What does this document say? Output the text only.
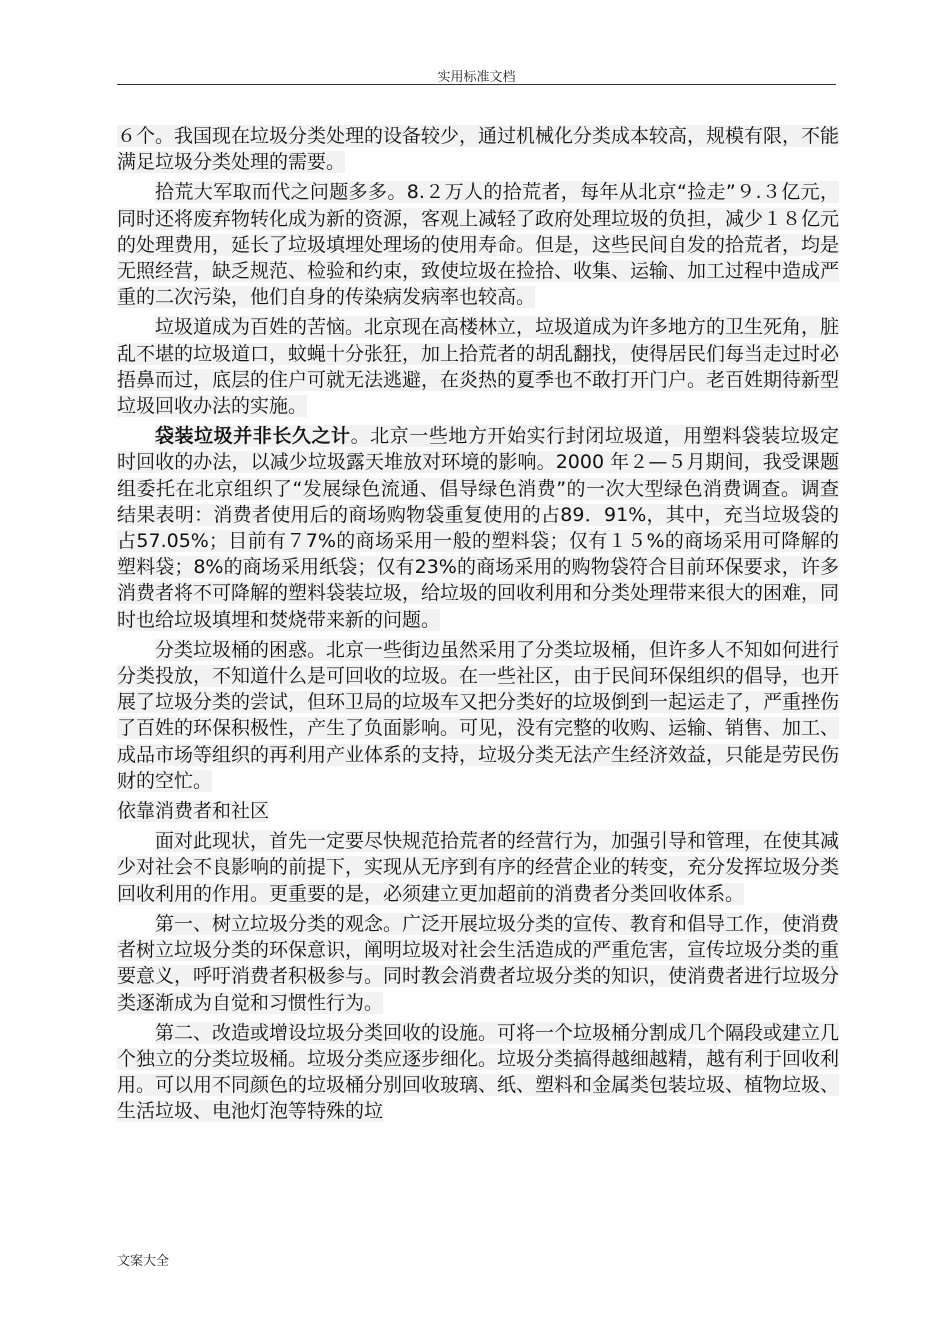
实用标准文档

６个。我国现在垃圾分类处理的设备较少，通过机械化分类成本较高，规模有限，不能满足垃圾分类处理的需要。

拾荒大军取而代之问题多多。8.２万人的拾荒者，每年从北京“捡走”９.３亿元，同时还将废弃物转化成为新的资源，客观上减轻了政府处理垃圾的负担，减少１８亿元的处理费用，延长了垃圾填埋处理场的使用寿命。但是，这些民间自发的拾荒者，均是无照经营，缺乏规范、检验和约束，致使垃圾在捡拾、收集、运输、加工过程中造成严重的二次污染，他们自身的传染病发病率也较高。

垃圾道成为百姓的苦恼。北京现在高楼林立，垃圾道成为许多地方的卫生死角，脏乱不堪的垃圾道口，蚊蝇十分张狂，加上拾荒者的胡乱翻找，使得居民们每当走过时必捂鼻而过，底层的住户可就无法逃避，在炎热的夏季也不敢打开门户。老百姓期待新型垃圾回收办法的实施。

袋装垃圾并非长久之计。北京一些地方开始实行封闭垃圾道，用塑料袋装垃圾定时回收的办法，以减少垃圾露天堆放对环境的影响。2000 年２—５月期间，我受课题组委托在北京组织了“发展绿色流通、倡导绿色消费”的一次大型绿色消费调查。调查结果表明：消费者使用后的商场购物袋重复使用的占89．91%，其中，充当垃圾袋的占57.05%；目前有７7%的商场采用一般的塑料袋；仅有１５%的商场采用可降解的塑料袋；8%的商场采用纸袋；仅有23%的商场采用的购物袋符合目前环保要求，许多消费者将不可降解的塑料袋装垃圾，给垃圾的回收利用和分类处理带来很大的困难，同时也给垃圾填埋和焚烧带来新的问题。

分类垃圾桶的困惑。北京一些街边虽然采用了分类垃圾桶，但许多人不知如何进行分类投放，不知道什么是可回收的垃圾。在一些社区，由于民间环保组织的倡导，也开展了垃圾分类的尝试，但环卫局的垃圾车又把分类好的垃圾倒到一起运走了，严重挫伤了百姓的环保积极性，产生了负面影响。可见，没有完整的收购、运输、销售、加工、成品市场等组织的再利用产业体系的支持，垃圾分类无法产生经济效益，只能是劳民伤财的空忙。

依靠消费者和社区

面对此现状，首先一定要尽快规范拾荒者的经营行为，加强引导和管理，在使其减少对社会不良影响的前提下，实现从无序到有序的经营企业的转变，充分发挥垃圾分类回收利用的作用。更重要的是，必须建立更加超前的消费者分类回收体系。

第一、树立垃圾分类的观念。广泛开展垃圾分类的宣传、教育和倡导工作，使消费者树立垃圾分类的环保意识，阐明垃圾对社会生活造成的严重危害，宣传垃圾分类的重要意义，呼吁消费者积极参与。同时教会消费者垃圾分类的知识，使消费者进行垃圾分类逐渐成为自觉和习惯性行为。

第二、改造或增设垃圾分类回收的设施。可将一个垃圾桶分割成几个隔段或建立几个独立的分类垃圾桶。垃圾分类应逐步细化。垃圾分类搞得越细越精，越有利于回收利用。可以用不同颜色的垃圾桶分别回收玻璃、纸、塑料和金属类包装垃圾、植物垃圾、生活垃圾、电池灯泡等特殊的垃

文案大全
